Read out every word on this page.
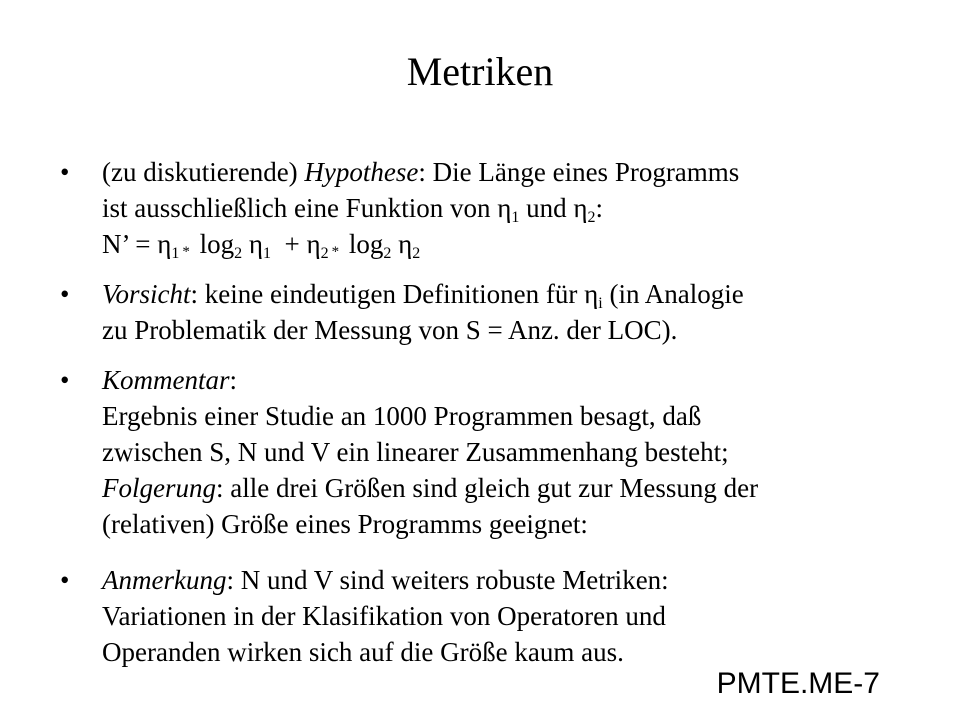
Metriken
•	(zu diskutierende) Hypothese: Die Länge eines Programms
ist ausschließlich eine Funktion von $\eta_1$ und $\eta_2$:
N’ = $\eta_1 * \log_2 \eta_1 + \eta_2 * \log_2 \eta_2$
•	Vorsicht: keine eindeutigen Definitionen für $\eta_i$ (in Analogie
zu Problematik der Messung von S = Anz. der LOC).
•	Kommentar:
Ergebnis einer Studie an 1000 Programmen besagt, daß
zwischen S, N und V ein linearer Zusammenhang besteht;
Folgerung: alle drei Größen sind gleich gut zur Messung der
(relativen) Größe eines Programms geeignet:
•	Anmerkung: N und V sind weiters robuste Metriken:
Variationen in der Klasifikation von Operatoren und
Operanden wirken sich auf die Größe kaum aus.
PMTE.ME-7
